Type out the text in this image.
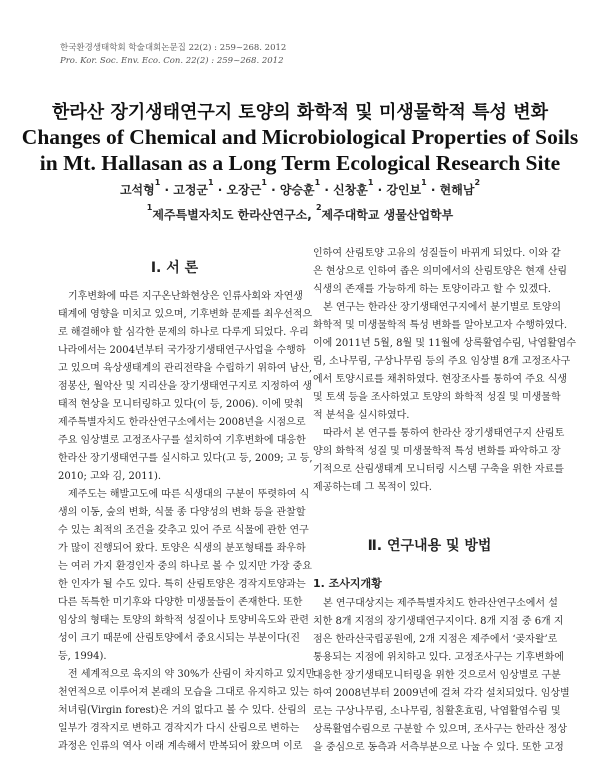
한국환경생태학회 학술대회논문집 22(2) : 259~268. 2012
Pro. Kor. Soc. Env. Eco. Con. 22(2) : 259~268. 2012
한라산 장기생태연구지 토양의 화학적 및 미생물학적 특성 변화
Changes of Chemical and Microbiological Properties of Soils
in Mt. Hallasan as a Long Term Ecological Research Site
고석형$^1$ · 고정군$^1$ · 오장근$^1$ · 양승훈$^1$ · 신창훈$^1$ · 강인보$^1$ · 현해남$^2$
$^1$제주특별자치도 한라산연구소, $^2$제주대학교 생물산업학부
Ⅰ. 서 론
기후변화에 따른 지구온난화현상은 인류사회와 자연생
태계에 영향을 미치고 있으며, 기후변화 문제를 최우선적으
로 해결해야 할 심각한 문제의 하나로 다루게 되었다. 우리
나라에서는 2004년부터 국가장기생태연구사업을 수행하
고 있으며 육상생태계의 관리전략을 수립하기 위하여 남산,
점봉산, 월악산 및 지리산을 장기생태연구지로 지정하여 생
태적 현상을 모니터링하고 있다(이 등, 2006). 이에 맞춰
제주특별자치도 한라산연구소에서는 2008년을 시점으로
주요 임상별로 고정조사구를 설치하여 기후변화에 대응한
한라산 장기생태연구를 실시하고 있다(고 등, 2009; 고 등,
2010; 고와 김, 2011).
제주도는 해발고도에 따른 식생대의 구분이 뚜렷하여 식
생의 이동, 숲의 변화, 식물 종 다양성의 변화 등을 관찰할
수 있는 최적의 조건을 갖추고 있어 주로 식물에 관한 연구
가 많이 진행되어 왔다. 토양은 식생의 분포형태를 좌우하
는 여러 가지 환경인자 중의 하나로 볼 수 있지만 가장 중요
한 인자가 될 수도 있다. 특히 산림토양은 경작지토양과는
다른 독특한 미기후와 다양한 미생물들이 존재한다. 또한
임상의 형태는 토양의 화학적 성질이나 토양비옥도와 관련
성이 크기 때문에 산림토양에서 중요시되는 부분이다(진
등, 1994).
전 세계적으로 육지의 약 30%가 산림이 차지하고 있지만
천연적으로 이루어져 본래의 모습을 그대로 유지하고 있는
처녀림(Virgin forest)은 거의 없다고 볼 수 있다. 산림의
일부가 경작지로 변하고 경작지가 다시 산림으로 변하는
과정은 인류의 역사 이래 계속해서 반복되어 왔으며 이로
인하여 산림토양 고유의 성질들이 바뀌게 되었다. 이와 같
은 현상으로 인하여 좁은 의미에서의 산림토양은 현재 산림
식생의 존재를 가능하게 하는 토양이라고 할 수 있겠다.
본 연구는 한라산 장기생태연구지에서 분기별로 토양의
화학적 및 미생물학적 특성 변화를 알아보고자 수행하였다.
이에 2011년 5월, 8월 및 11월에 상록활엽수림, 낙엽활엽수
림, 소나무림, 구상나무림 등의 주요 임상별 8개 고정조사구
에서 토양시료를 채취하였다. 현장조사를 통하여 주요 식생
및 토색 등을 조사하였고 토양의 화학적 성질 및 미생물학
적 분석을 실시하였다.
따라서 본 연구를 통하여 한라산 장기생태연구지 산림토
양의 화학적 성질 및 미생물학적 특성 변화를 파악하고 장
기적으로 산림생태계 모니터링 시스템 구축을 위한 자료를
제공하는데 그 목적이 있다.
Ⅱ. 연구내용 및 방법
1. 조사지개황
본 연구대상지는 제주특별자치도 한라산연구소에서 설
치한 8개 지점의 장기생태연구지이다. 8개 지점 중 6개 지
점은 한라산국립공원에, 2개 지점은 제주에서 ‘곶자왈’로
통용되는 지점에 위치하고 있다. 고정조사구는 기후변화에
대응한 장기생태모니터링을 위한 것으로서 임상별로 구분
하여 2008년부터 2009년에 걸쳐 각각 설치되었다. 임상별
로는 구상나무림, 소나무림, 침활혼효림, 낙엽활엽수림 및
상록활엽수림으로 구분할 수 있으며, 조사구는 한라산 정상
을 중심으로 동측과 서측부분으로 나눌 수 있다. 또한 고정
